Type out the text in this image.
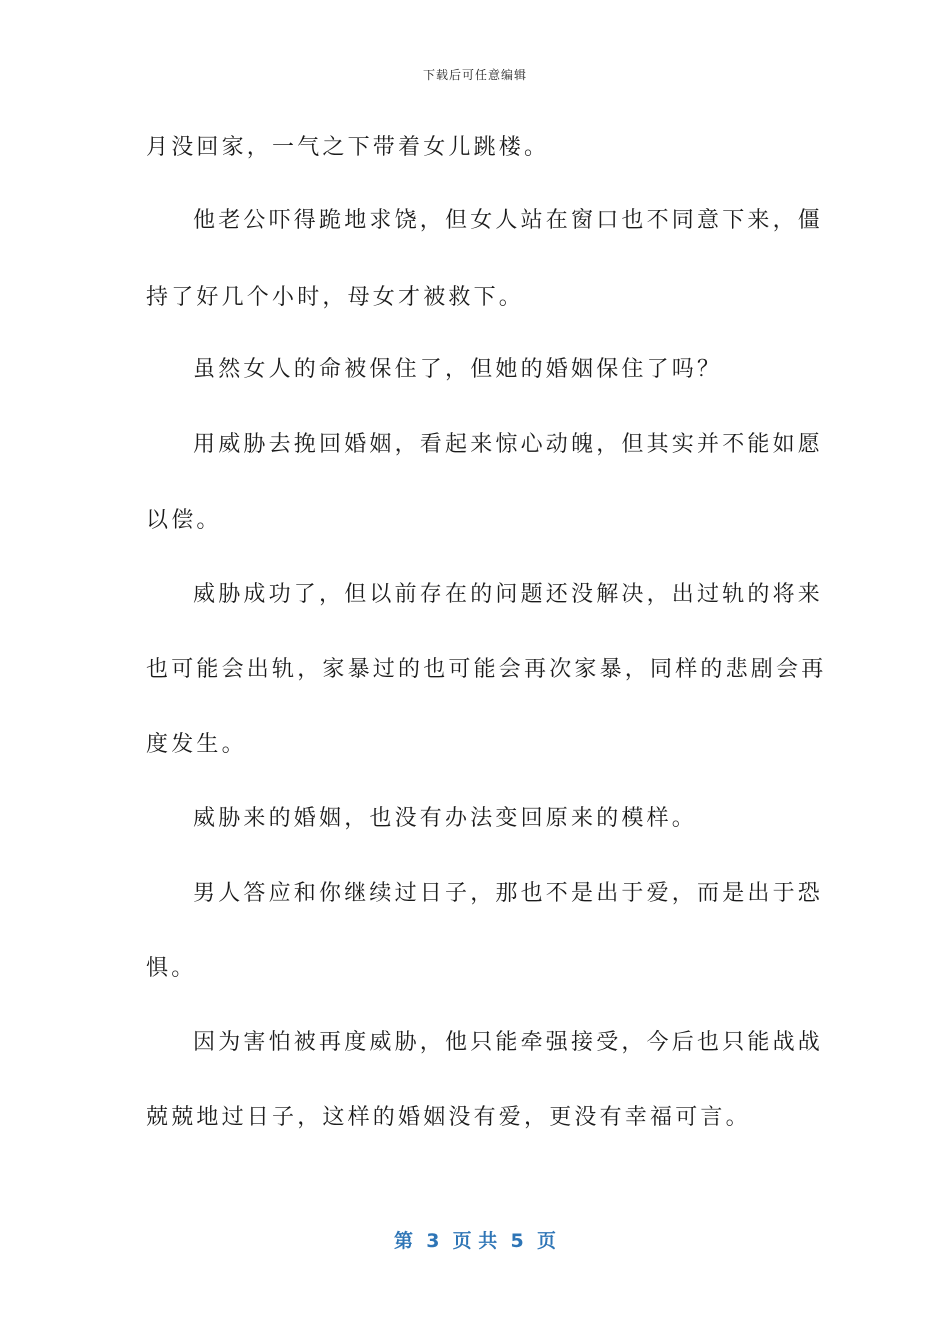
下载后可任意编辑
月没回家，一气之下带着女儿跳楼。
他老公吓得跪地求饶，但女人站在窗口也不同意下来，僵
持了好几个小时，母女才被救下。
虽然女人的命被保住了，但她的婚姻保住了吗？
用威胁去挽回婚姻，看起来惊心动魄，但其实并不能如愿
以偿。
威胁成功了，但以前存在的问题还没解决，出过轨的将来
也可能会出轨，家暴过的也可能会再次家暴，同样的悲剧会再
度发生。
威胁来的婚姻，也没有办法变回原来的模样。
男人答应和你继续过日子，那也不是出于爱，而是出于恐
惧。
因为害怕被再度威胁，他只能牵强接受，今后也只能战战
兢兢地过日子，这样的婚姻没有爱，更没有幸福可言。
第  3  页 共  5  页
